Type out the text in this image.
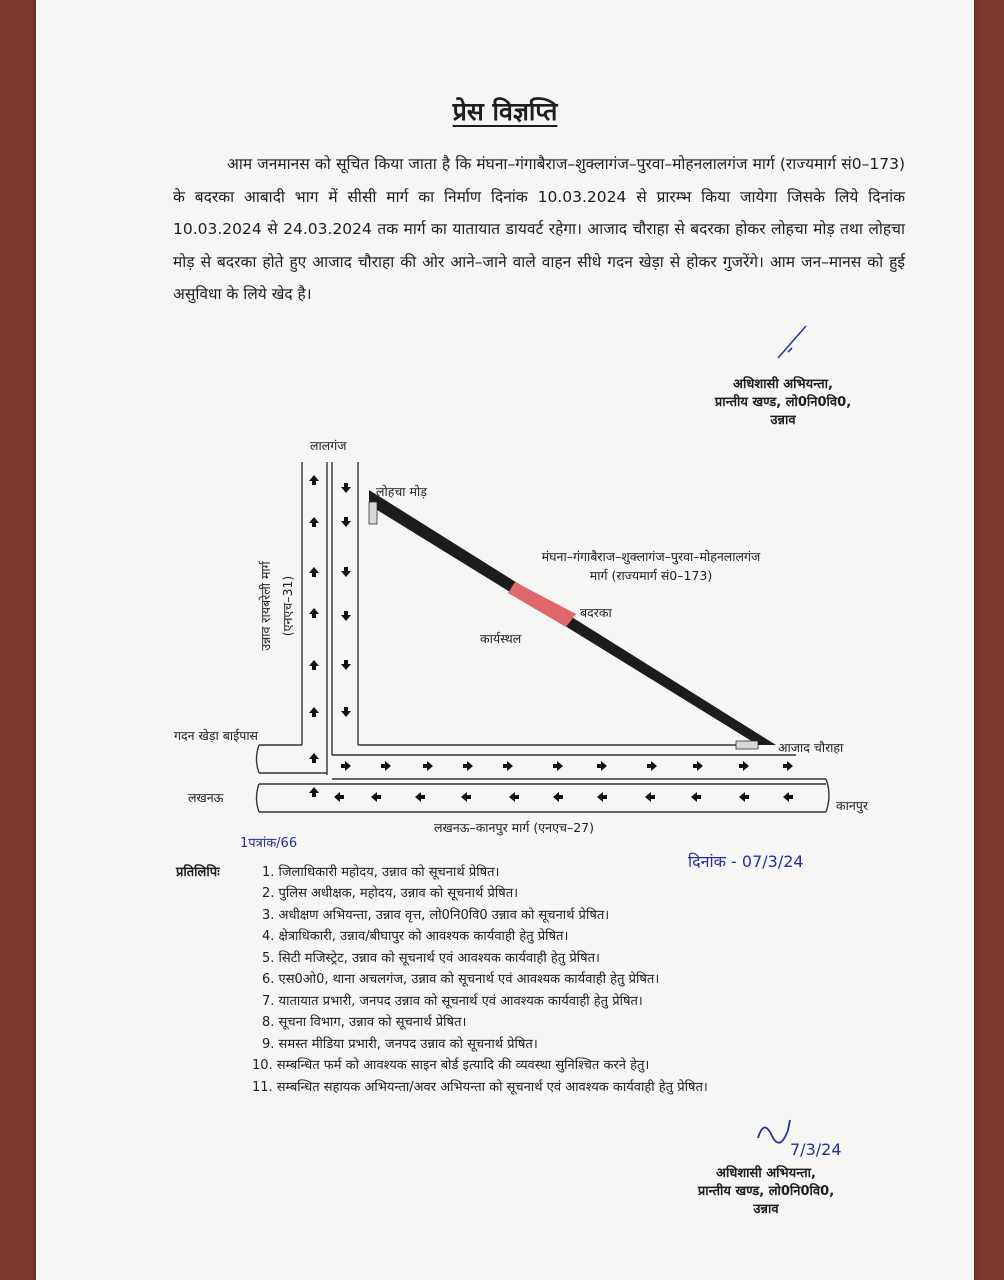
प्रेस विज्ञप्ति

आम जनमानस को सूचित किया जाता है कि मंघना–गंगाबैराज–शुक्लागंज–पुरवा–मोहनलालगंज मार्ग (राज्यमार्ग सं0–173) के बदरका आबादी भाग में सीसी मार्ग का निर्माण दिनांक 10.03.2024 से प्रारम्भ किया जायेगा जिसके लिये दिनांक 10.03.2024 से 24.03.2024 तक मार्ग का यातायात डायवर्ट रहेगा। आजाद चौराहा से बदरका होकर लोहचा मोड़ तथा लोहचा मोड़ से बदरका होते हुए आजाद चौराहा की ओर आने–जाने वाले वाहन सीधे गदन खेड़ा से होकर गुजरेंगे। आम जन–मानस को हुई असुविधा के लिये खेद है।

अधिशासी अभियन्ता,
प्रान्तीय खण्ड, लो0नि0वि0,
उन्नाव
उन्नाव रायबरेली मार्ग (एनएच–31)
लालगंज
लोहचा मोड़
मंघना–गंगाबैराज–शुक्लागंज–पुरवा–मोहनलालगंज
मार्ग (राज्यमार्ग सं0–173)
बदरका
कार्यस्थल
गदन खेड़ा बाईपास
आजाद चौराहा
लखनऊ
कानपुर
लखनऊ–कानपुर मार्ग (एनएच–27)
1पत्रांक/66
दिनांक - 07/3/24
प्रतिलिपिः	1. जिलाधिकारी महोदय, उन्नाव को सूचनार्थ प्रेषित।
2. पुलिस अधीक्षक, महोदय, उन्नाव को सूचनार्थ प्रेषित।
3. अधीक्षण अभियन्ता, उन्नाव वृत्त, लो0नि0वि0 उन्नाव को सूचनार्थ प्रेषित।
4. क्षेत्राधिकारी, उन्नाव/बीघापुर को आवश्यक कार्यवाही हेतु प्रेषित।
5. सिटी मजिस्ट्रेट, उन्नाव को सूचनार्थ एवं आवश्यक कार्यवाही हेतु प्रेषित।
6. एस0ओ0, थाना अचलगंज, उन्नाव को सूचनार्थ एवं आवश्यक कार्यवाही हेतु प्रेषित।
7. यातायात प्रभारी, जनपद उन्नाव को सूचनार्थ एवं आवश्यक कार्यवाही हेतु प्रेषित।
8. सूचना विभाग, उन्नाव को सूचनार्थ प्रेषित।
9. समस्त मीडिया प्रभारी, जनपद उन्नाव को सूचनार्थ प्रेषित।
10. सम्बन्धित फर्म को आवश्यक साइन बोर्ड इत्यादि की व्यवस्था सुनिश्चित करने हेतु।
11. सम्बन्धित सहायक अभियन्ता/अवर अभियन्ता को सूचनार्थ एवं आवश्यक कार्यवाही हेतु प्रेषित।
7/3/24
अधिशासी अभियन्ता,
प्रान्तीय खण्ड, लो0नि0वि0,
उन्नाव
